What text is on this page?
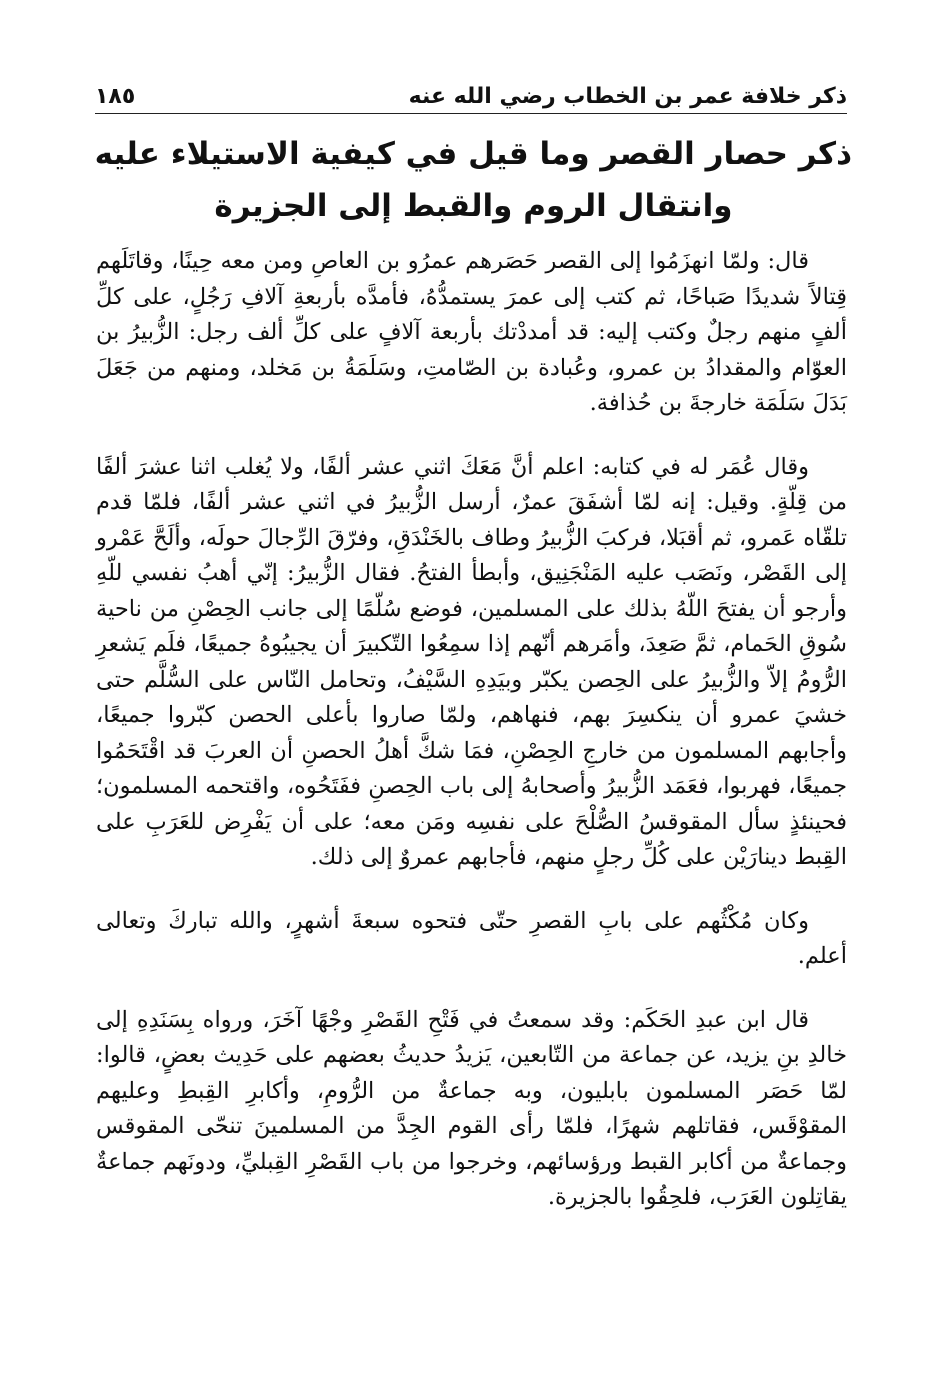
ذكر خلافة عمر بن الخطاب رضي الله عنه
١٨٥
ذكر حصار القصر وما قيل في كيفية الاستيلاء عليه
وانتقال الروم والقبط إلى الجزيرة

قال: ولمّا انهزَمُوا إلى القصر حَصَرهم عمرُو بن العاصِ ومن معه حِينًا، وقاتَلَهم قِتالاً شديدًا صَباحًا، ثم كتب إلى عمرَ يستمدُّهُ، فأمدَّه بأربعةِ آلافِ رَجُلٍ، على كلِّ ألفٍ منهم رجلٌ وكتب إليه: قد أمددْتك بأربعة آلافٍ على كلِّ ألف رجل: الزُّبيرُ بن العوّام والمقدادُ بن عمرو، وعُبادة بن الصّامتِ، وسَلَمَةُ بن مَخلد، ومنهم من جَعَلَ بَدَلَ سَلَمَة خارجةَ بن حُذافة.

وقال عُمَر له في كتابه: اعلم أنَّ مَعَكَ اثني عشر ألفًا، ولا يُغلب اثنا عشرَ ألفًا من قِلّةٍ. وقيل: إنه لمّا أشفَقَ عمرٌ، أرسل الزُّبيرُ في اثني عشر ألفًا، فلمّا قدم تلقّاه عَمرو، ثم أقبَلا، فركبَ الزُّبيرُ وطاف بالخَنْدَقِ، وفرّقَ الرِّجالَ حولَه، وألَحَّ عَمْرو إلى القَصْر، ونَصَب عليه المَنْجَنِيق، وأبطأ الفتحُ. فقال الزُّبيرُ: إنّي أهبُ نفسي للّهِ وأرجو أن يفتحَ اللّهُ بذلك على المسلمين، فوضع سُلّمًا إلى جانب الحِصْنِ من ناحية سُوقِ الحَمام، ثمَّ صَعِدَ، وأمَرهم أنّهم إذا سمِعُوا التّكبيرَ أن يجيبُوهُ جميعًا، فلَم يَشعرِ الرُّومُ إلاّ والزُّبيرُ على الحِصن يكبّر وبيَدِهِ السَّيْفُ، وتحامل النّاس على السُّلَّم حتى خشيَ عمرو أن ينكسِرَ بهم، فنهاهم، ولمّا صاروا بأعلى الحصن كبّروا جميعًا، وأجابهم المسلمون من خارجِ الحِصْنِ، فمَا شكَّ أهلُ الحصنِ أن العربَ قد اقْتَحَمُوا جميعًا، فهربوا، فعَمَد الزُّبيرُ وأصحابهُ إلى باب الحِصنِ ففَتَحُوه، واقتحمه المسلمون؛ فحينئذٍ سأل المقوقسُ الصُّلْحَ على نفسِه ومَن معه؛ على أن يَفْرِض للعَرَبِ على القِبط دينارَيْن على كُلِّ رجلٍ منهم، فأجابهم عمروٌ إلى ذلك.

وكان مُكْثُهم على بابِ القصرِ حتّى فتحوه سبعةَ أشهرٍ، والله تباركَ وتعالى أعلم.

قال ابن عبدِ الحَكَم: وقد سمعتُ في فَتْحِ القَصْرِ وجْهًا آخَرَ، ورواه بِسَنَدِهِ إلى خالدِ بنِ يزيد، عن جماعة من التّابعين، يَزيدُ حديثُ بعضهم على حَدِيث بعضٍ، قالوا: لمّا حَصَر المسلمون بابليون، وبه جماعةٌ من الرُّومِ، وأكابرِ القِبطِ وعليهم المقوْقَس، فقاتلهم شهرًا، فلمّا رأى القوم الجِدَّ من المسلمينَ تنحّى المقوقس وجماعةٌ من أكابر القبط ورؤسائهم، وخرجوا من باب القَصْرِ القِبليِّ، ودونَهم جماعةٌ يقاتِلون العَرَب، فلحِقُوا بالجزيرة.
